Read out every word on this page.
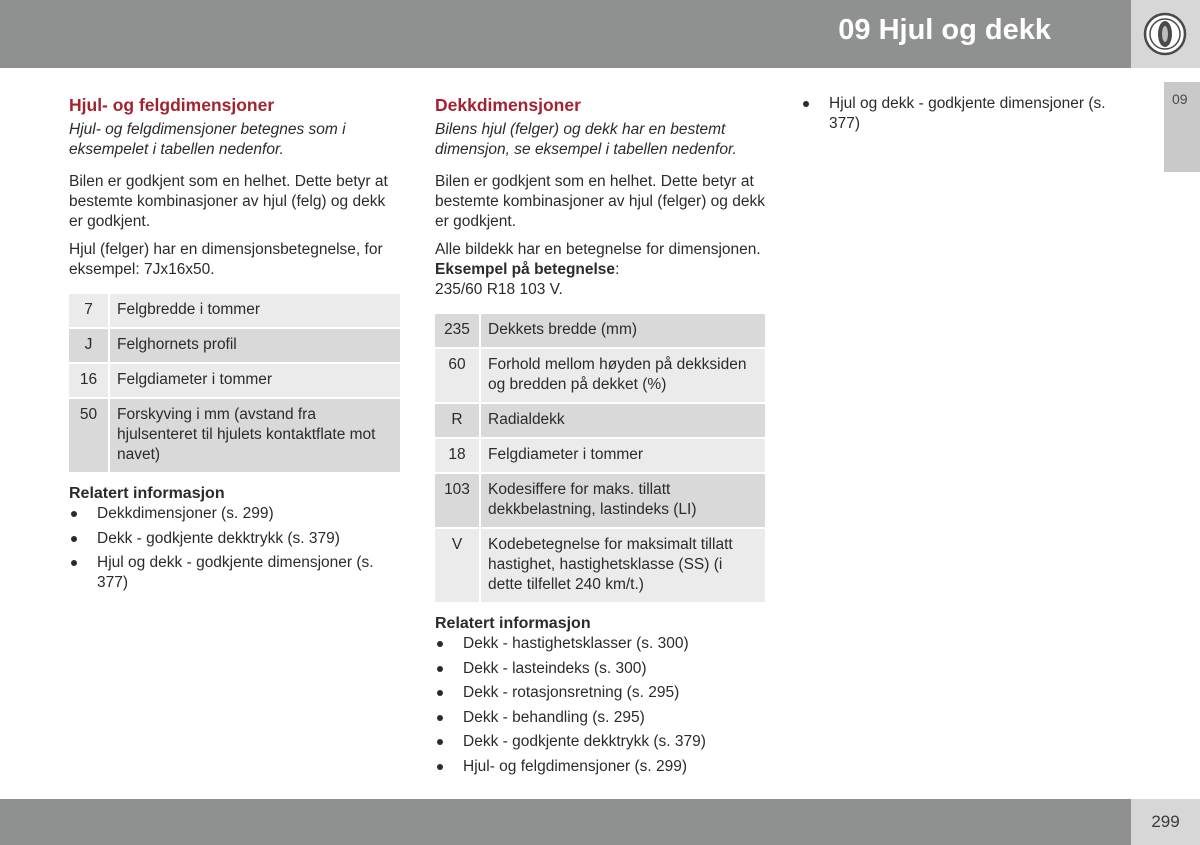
09 Hjul og dekk
09
Hjul- og felgdimensjoner

Hjul- og felgdimensjoner betegnes som i eksempelet i tabellen nedenfor.

Bilen er godkjent som en helhet. Dette betyr at bestemte kombinasjoner av hjul (felg) og dekk er godkjent.

Hjul (felger) har en dimensjonsbetegnelse, for eksempel: 7Jx16x50.

7	Felgbredde i tommer
J	Felghornets profil
16	Felgdiameter i tommer
50	Forskyving i mm (avstand fra hjulsenteret til hjulets kontaktflate mot navet)
Relatert informasjon
Dekkdimensjoner (s. 299)
Dekk - godkjente dekktrykk (s. 379)
Hjul og dekk - godkjente dimensjoner (s. 377)
Dekkdimensjoner

Bilens hjul (felger) og dekk har en bestemt dimensjon, se eksempel i tabellen nedenfor.

Bilen er godkjent som en helhet. Dette betyr at bestemte kombinasjoner av hjul (felger) og dekk er godkjent.

Alle bildekk har en betegnelse for dimensjonen. Eksempel på betegnelse:
235/60 R18 103 V.

235	Dekkets bredde (mm)
60	Forhold mellom høyden på dekksiden og bredden på dekket (%)
R	Radialdekk
18	Felgdiameter i tommer
103	Kodesiffere for maks. tillatt dekkbelastning, lastindeks (LI)
V	Kodebetegnelse for maksimalt tillatt hastighet, hastighetsklasse (SS) (i dette tilfellet 240 km/t.)
Relatert informasjon
Dekk - hastighetsklasser (s. 300)
Dekk - lasteindeks (s. 300)
Dekk - rotasjonsretning (s. 295)
Dekk - behandling (s. 295)
Dekk - godkjente dekktrykk (s. 379)
Hjul- og felgdimensjoner (s. 299)
Hjul og dekk - godkjente dimensjoner (s. 377)
299
